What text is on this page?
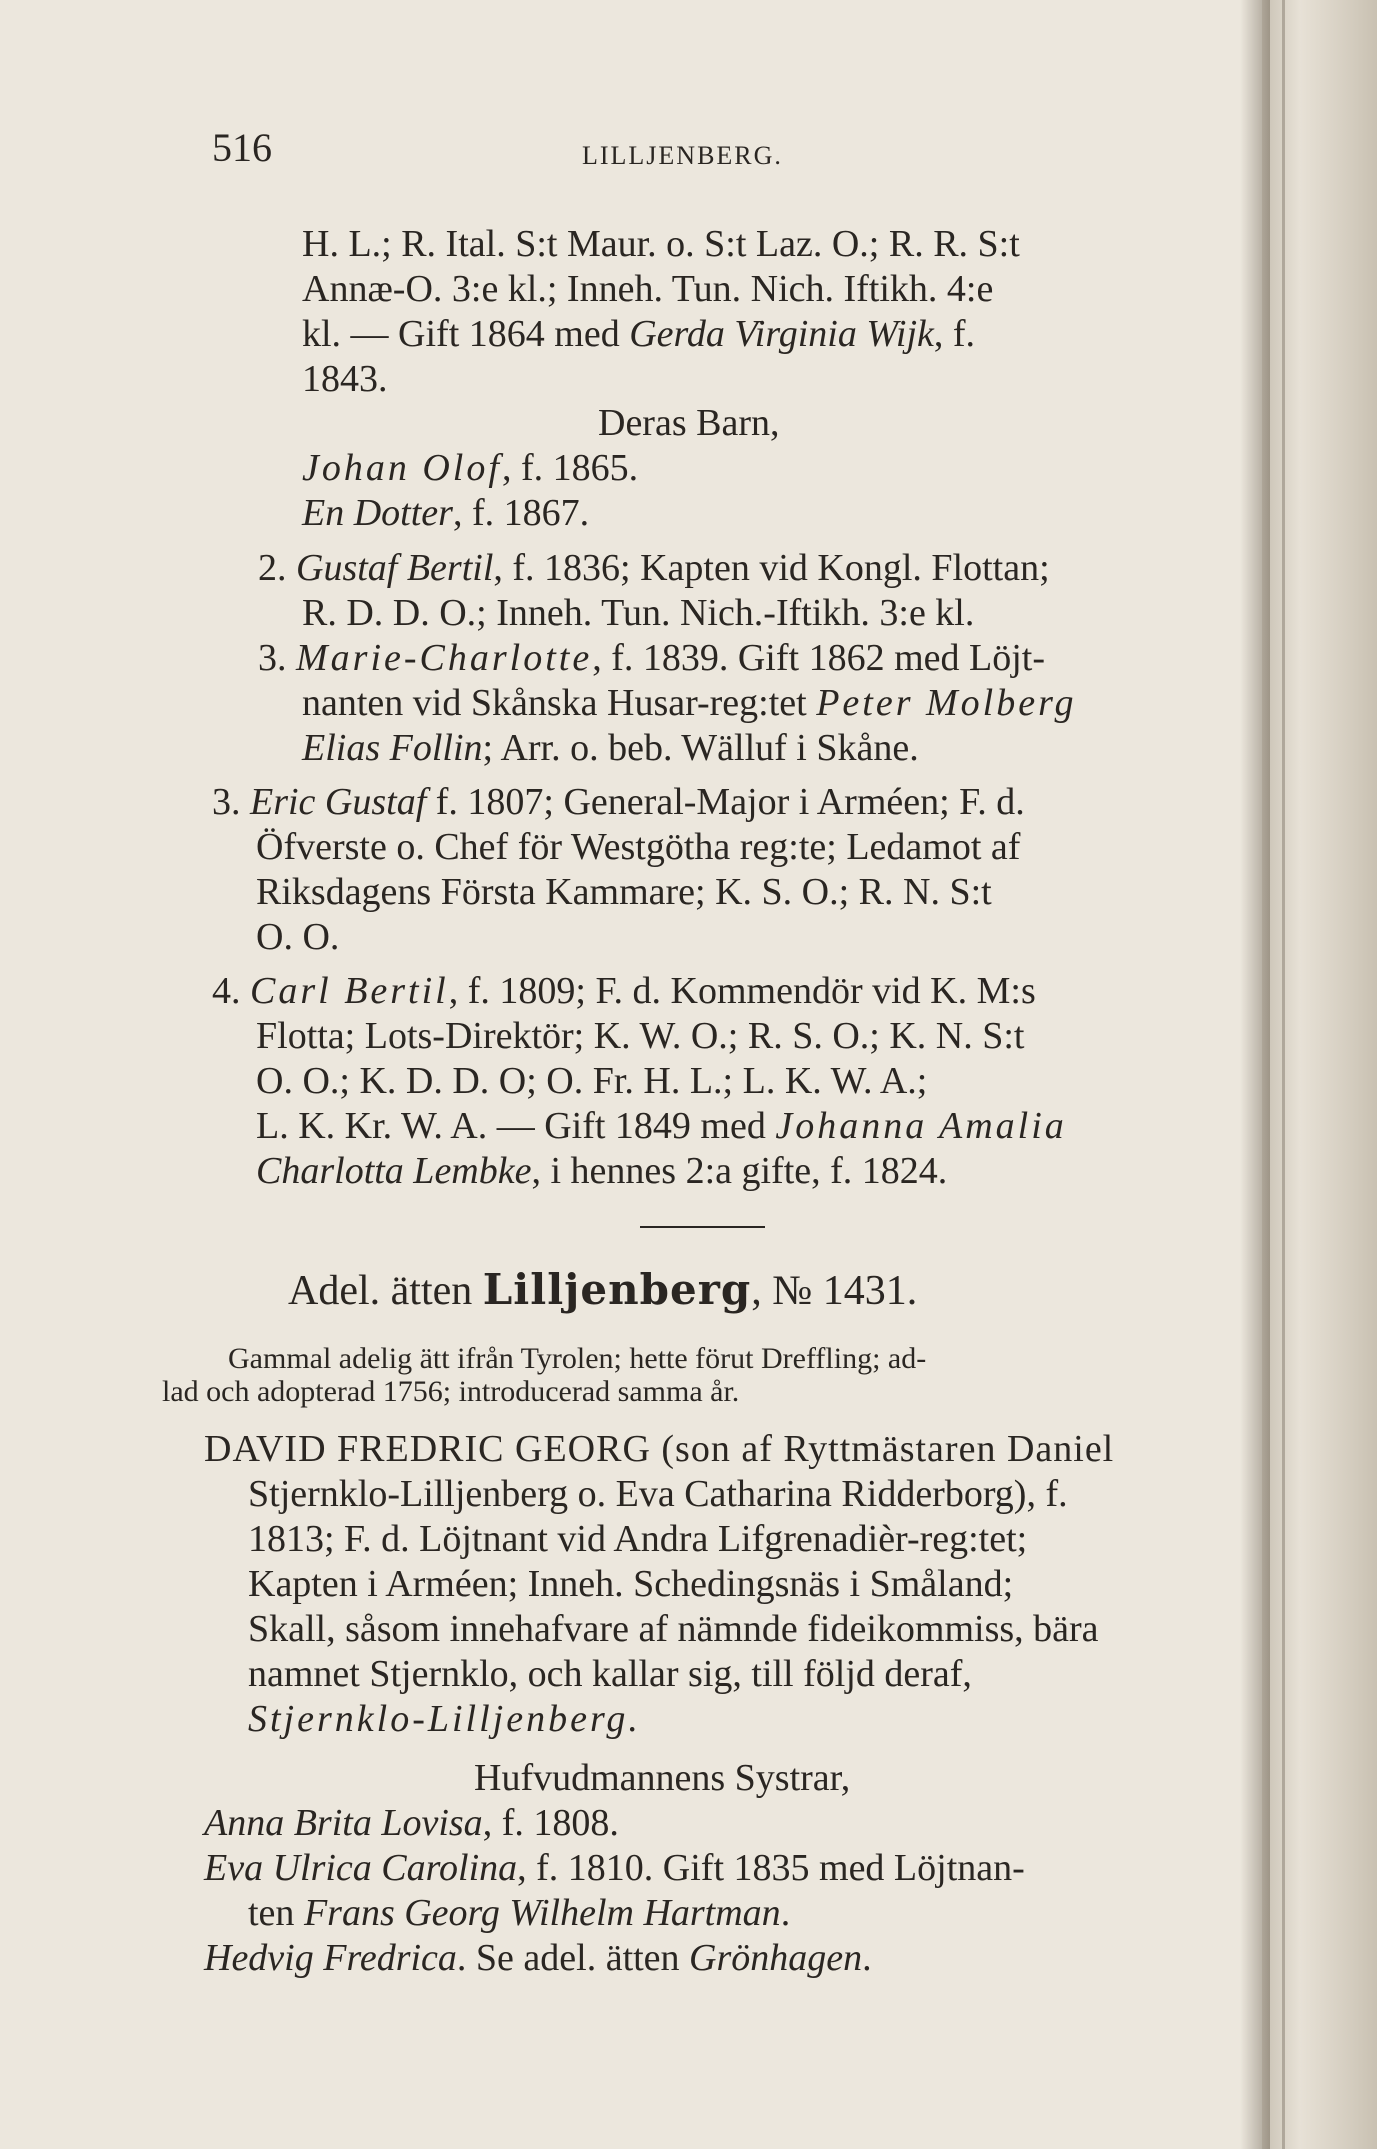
516	LILLJENBERG.
H. L.; R. Ital. S:t Maur. o. S:t Laz. O.; R. R. S:t
Annæ-O. 3:e kl.; Inneh. Tun. Nich. Iftikh. 4:e
kl. — Gift 1864 med Gerda Virginia Wijk, f.
1843.
Deras Barn,
Johan Olof, f. 1865.
En Dotter, f. 1867.
2. Gustaf Bertil, f. 1836; Kapten vid Kongl. Flottan;
R. D. D. O.; Inneh. Tun. Nich.-Iftikh. 3:e kl.
3. Marie-Charlotte, f. 1839. Gift 1862 med Löjt-
nanten vid Skånska Husar-reg:tet Peter Molberg
Elias Follin; Arr. o. beb. Wälluf i Skåne.
3. Eric Gustaf f. 1807; General-Major i Arméen; F. d.
Öfverste o. Chef för Westgötha reg:te; Ledamot af
Riksdagens Första Kammare; K. S. O.; R. N. S:t
O. O.
4. Carl Bertil, f. 1809; F. d. Kommendör vid K. M:s
Flotta; Lots-Direktör; K. W. O.; R. S. O.; K. N. S:t
O. O.; K. D. D. O; O. Fr. H. L.; L. K. W. A.;
L. K. Kr. W. A. — Gift 1849 med Johanna Amalia
Charlotta Lembke, i hennes 2:a gifte, f. 1824.
Adel. ätten Lilljenberg, № 1431.
Gammal adelig ätt ifrån Tyrolen; hette förut Dreffling; ad-
lad och adopterad 1756; introducerad samma år.
DAVID FREDRIC GEORG (son af Ryttmästaren Daniel
Stjernklo-Lilljenberg o. Eva Catharina Ridderborg), f.
1813; F. d. Löjtnant vid Andra Lifgrenadièr-reg:tet;
Kapten i Arméen; Inneh. Schedingsnäs i Småland;
Skall, såsom innehafvare af nämnde fideikommiss, bära
namnet Stjernklo, och kallar sig, till följd deraf,
Stjernklo-Lilljenberg.
Hufvudmannens Systrar,
Anna Brita Lovisa, f. 1808.
Eva Ulrica Carolina, f. 1810. Gift 1835 med Löjtnan-
ten Frans Georg Wilhelm Hartman.
Hedvig Fredrica. Se adel. ätten Grönhagen.
